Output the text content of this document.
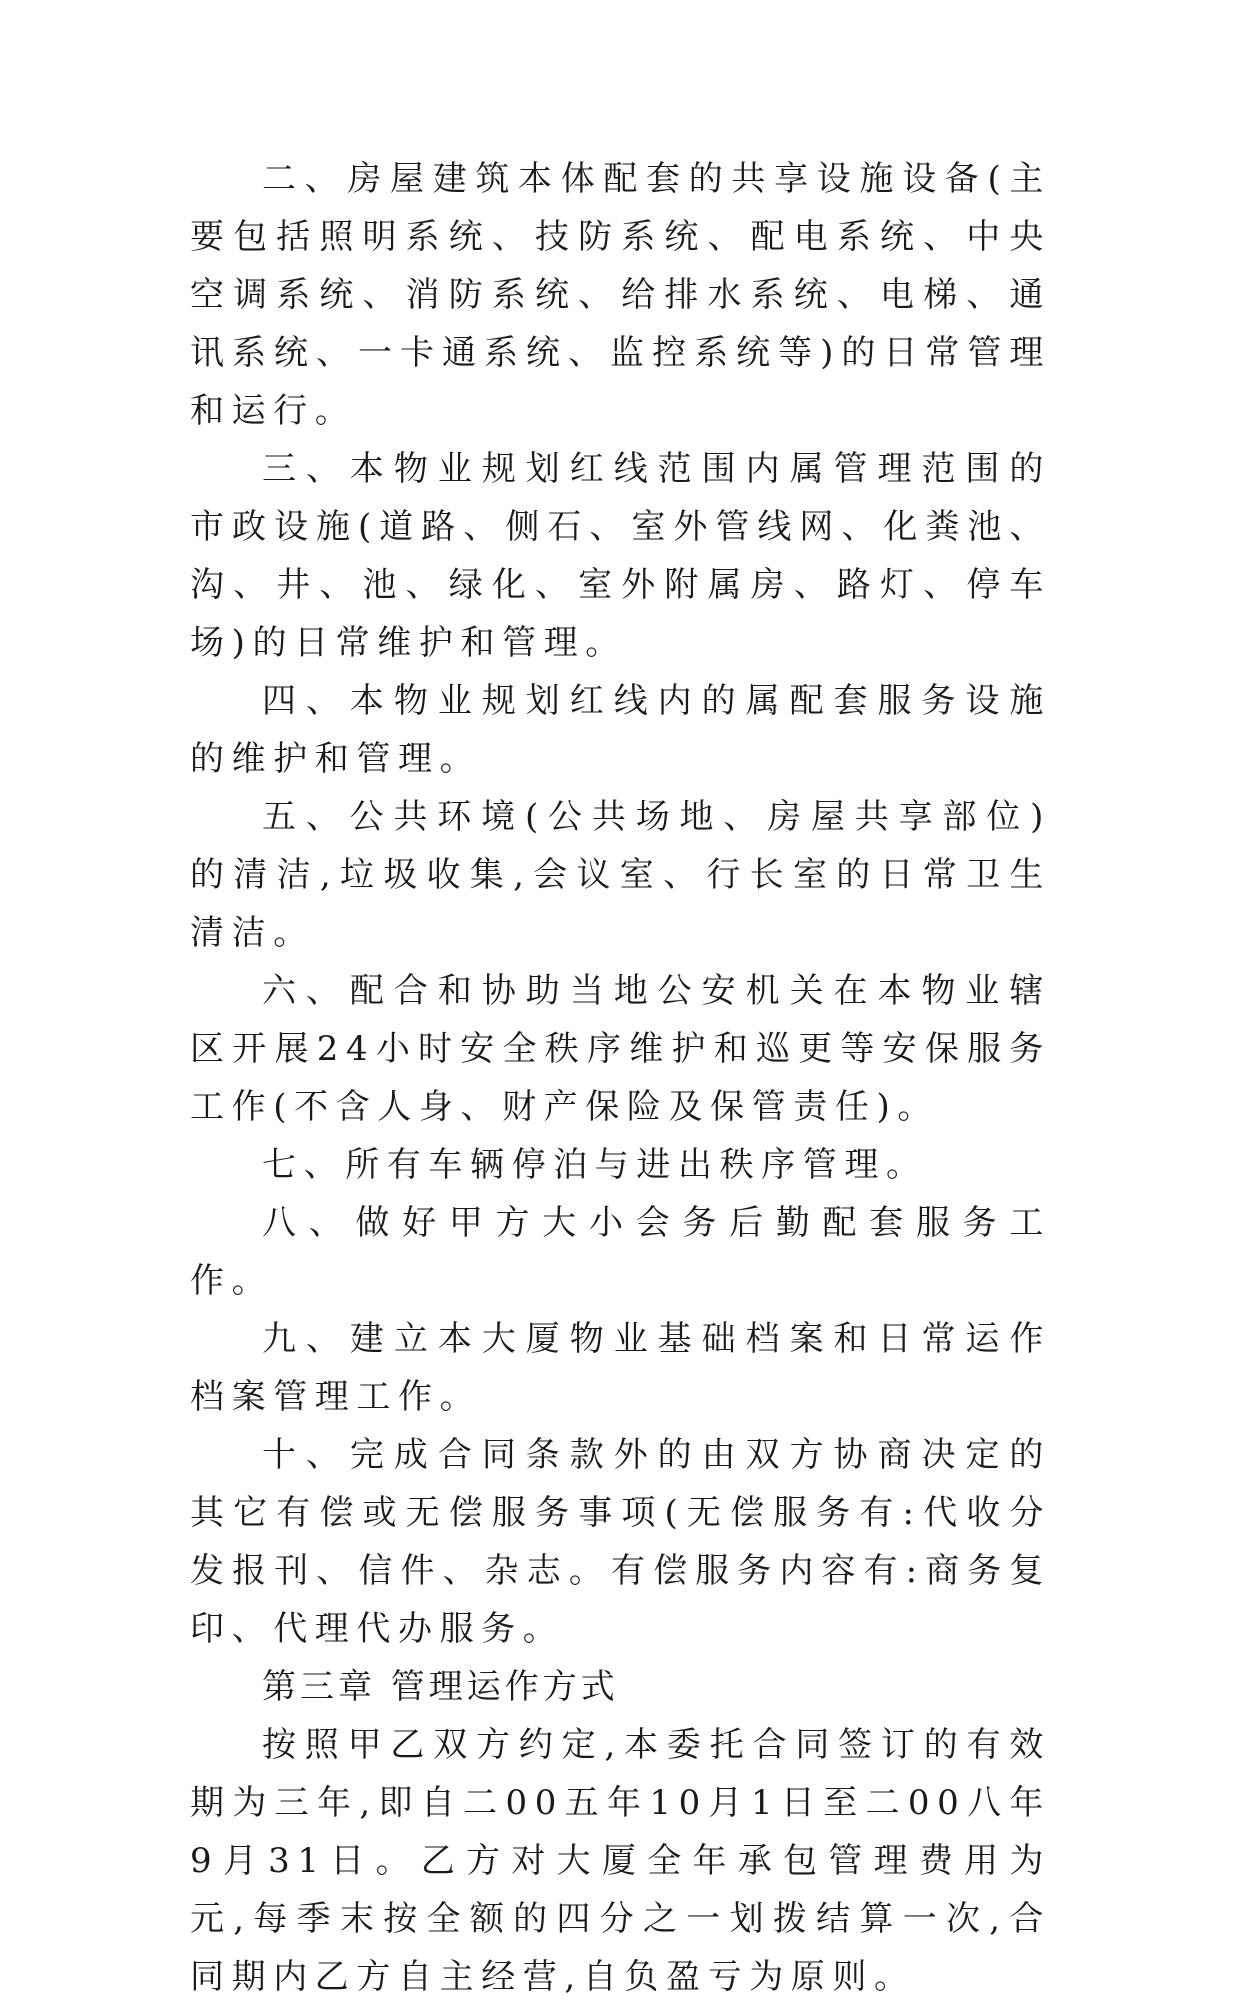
二、房屋建筑本体配套的共享设施设备(主要包括照明系统、技防系统、配电系统、中央空调系统、消防系统、给排水系统、电梯、通讯系统、一卡通系统、监控系统等)的日常管理和运行。

三、本物业规划红线范围内属管理范围的市政设施(道路、侧石、室外管线网、化粪池、沟、井、池、绿化、室外附属房、路灯、停车场)的日常维护和管理。

四、本物业规划红线内的属配套服务设施的维护和管理。

五、公共环境(公共场地、房屋共享部位)的清洁,垃圾收集,会议室、行长室的日常卫生清洁。

六、配合和协助当地公安机关在本物业辖区开展24小时安全秩序维护和巡更等安保服务工作(不含人身、财产保险及保管责任)。

七、所有车辆停泊与进出秩序管理。

八、做好甲方大小会务后勤配套服务工作。

九、建立本大厦物业基础档案和日常运作档案管理工作。

十、完成合同条款外的由双方协商决定的其它有偿或无偿服务事项(无偿服务有:代收分发报刊、信件、杂志。有偿服务内容有:商务复印、代理代办服务。

第三章 管理运作方式

按照甲乙双方约定,本委托合同签订的有效期为三年,即自二00五年10月1日至二00八年9月31日。乙方对大厦全年承包管理费用为 元,每季末按全额的四分之一划拨结算一次,合同期内乙方自主经营,自负盈亏为原则。
